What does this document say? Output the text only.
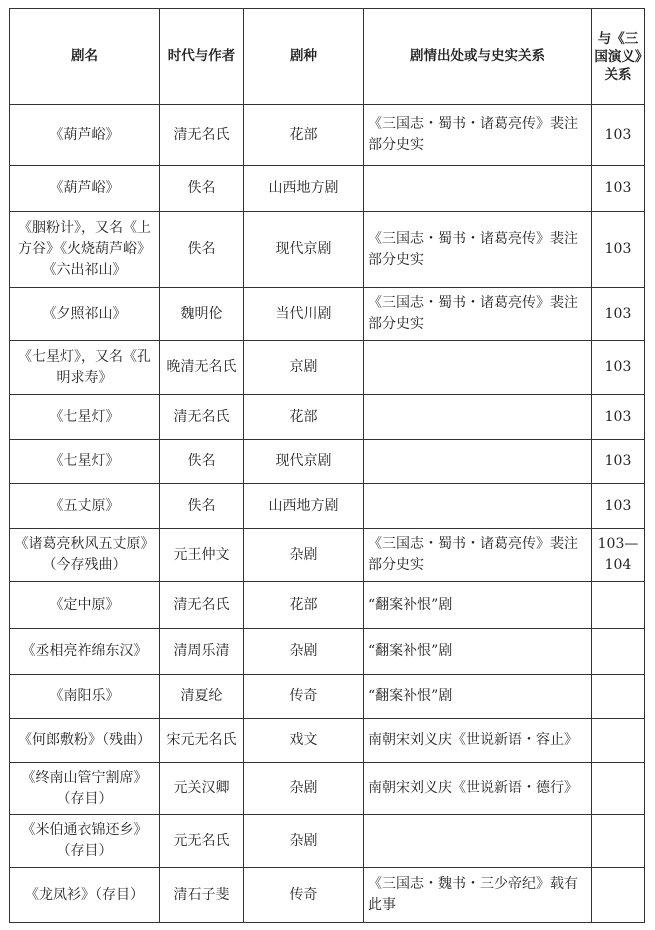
剧名	时代与作者	剧种	剧情出处或与史实关系	与《三国演义》关系
《葫芦峪》	清无名氏	花部	《三国志・蜀书・诸葛亮传》裴注部分史实	103
《葫芦峪》	佚名	山西地方剧		103
《胭粉计》，又名《上方谷》《火烧葫芦峪》《六出祁山》	佚名	现代京剧	《三国志・蜀书・诸葛亮传》裴注部分史实	103
《夕照祁山》	魏明伦	当代川剧	《三国志・蜀书・诸葛亮传》裴注部分史实	103
《七星灯》，又名《孔明求寿》	晚清无名氏	京剧		103
《七星灯》	清无名氏	花部		103
《七星灯》	佚名	现代京剧		103
《五丈原》	佚名	山西地方剧		103
《诸葛亮秋风五丈原》（今存残曲）	元王仲文	杂剧	《三国志・蜀书・诸葛亮传》裴注部分史实	103—104
《定中原》	清无名氏	花部	“翻案补恨”剧	
《丞相亮祚绵东汉》	清周乐清	杂剧	“翻案补恨”剧	
《南阳乐》	清夏纶	传奇	“翻案补恨”剧	
《何郎敷粉》（残曲）	宋元无名氏	戏文	南朝宋刘义庆《世说新语・容止》	
《终南山管宁割席》（存目）	元关汉卿	杂剧	南朝宋刘义庆《世说新语・德行》	
《米伯通衣锦还乡》（存目）	元无名氏	杂剧		
《龙凤衫》（存目）	清石子斐	传奇	《三国志・魏书・三少帝纪》载有此事	
